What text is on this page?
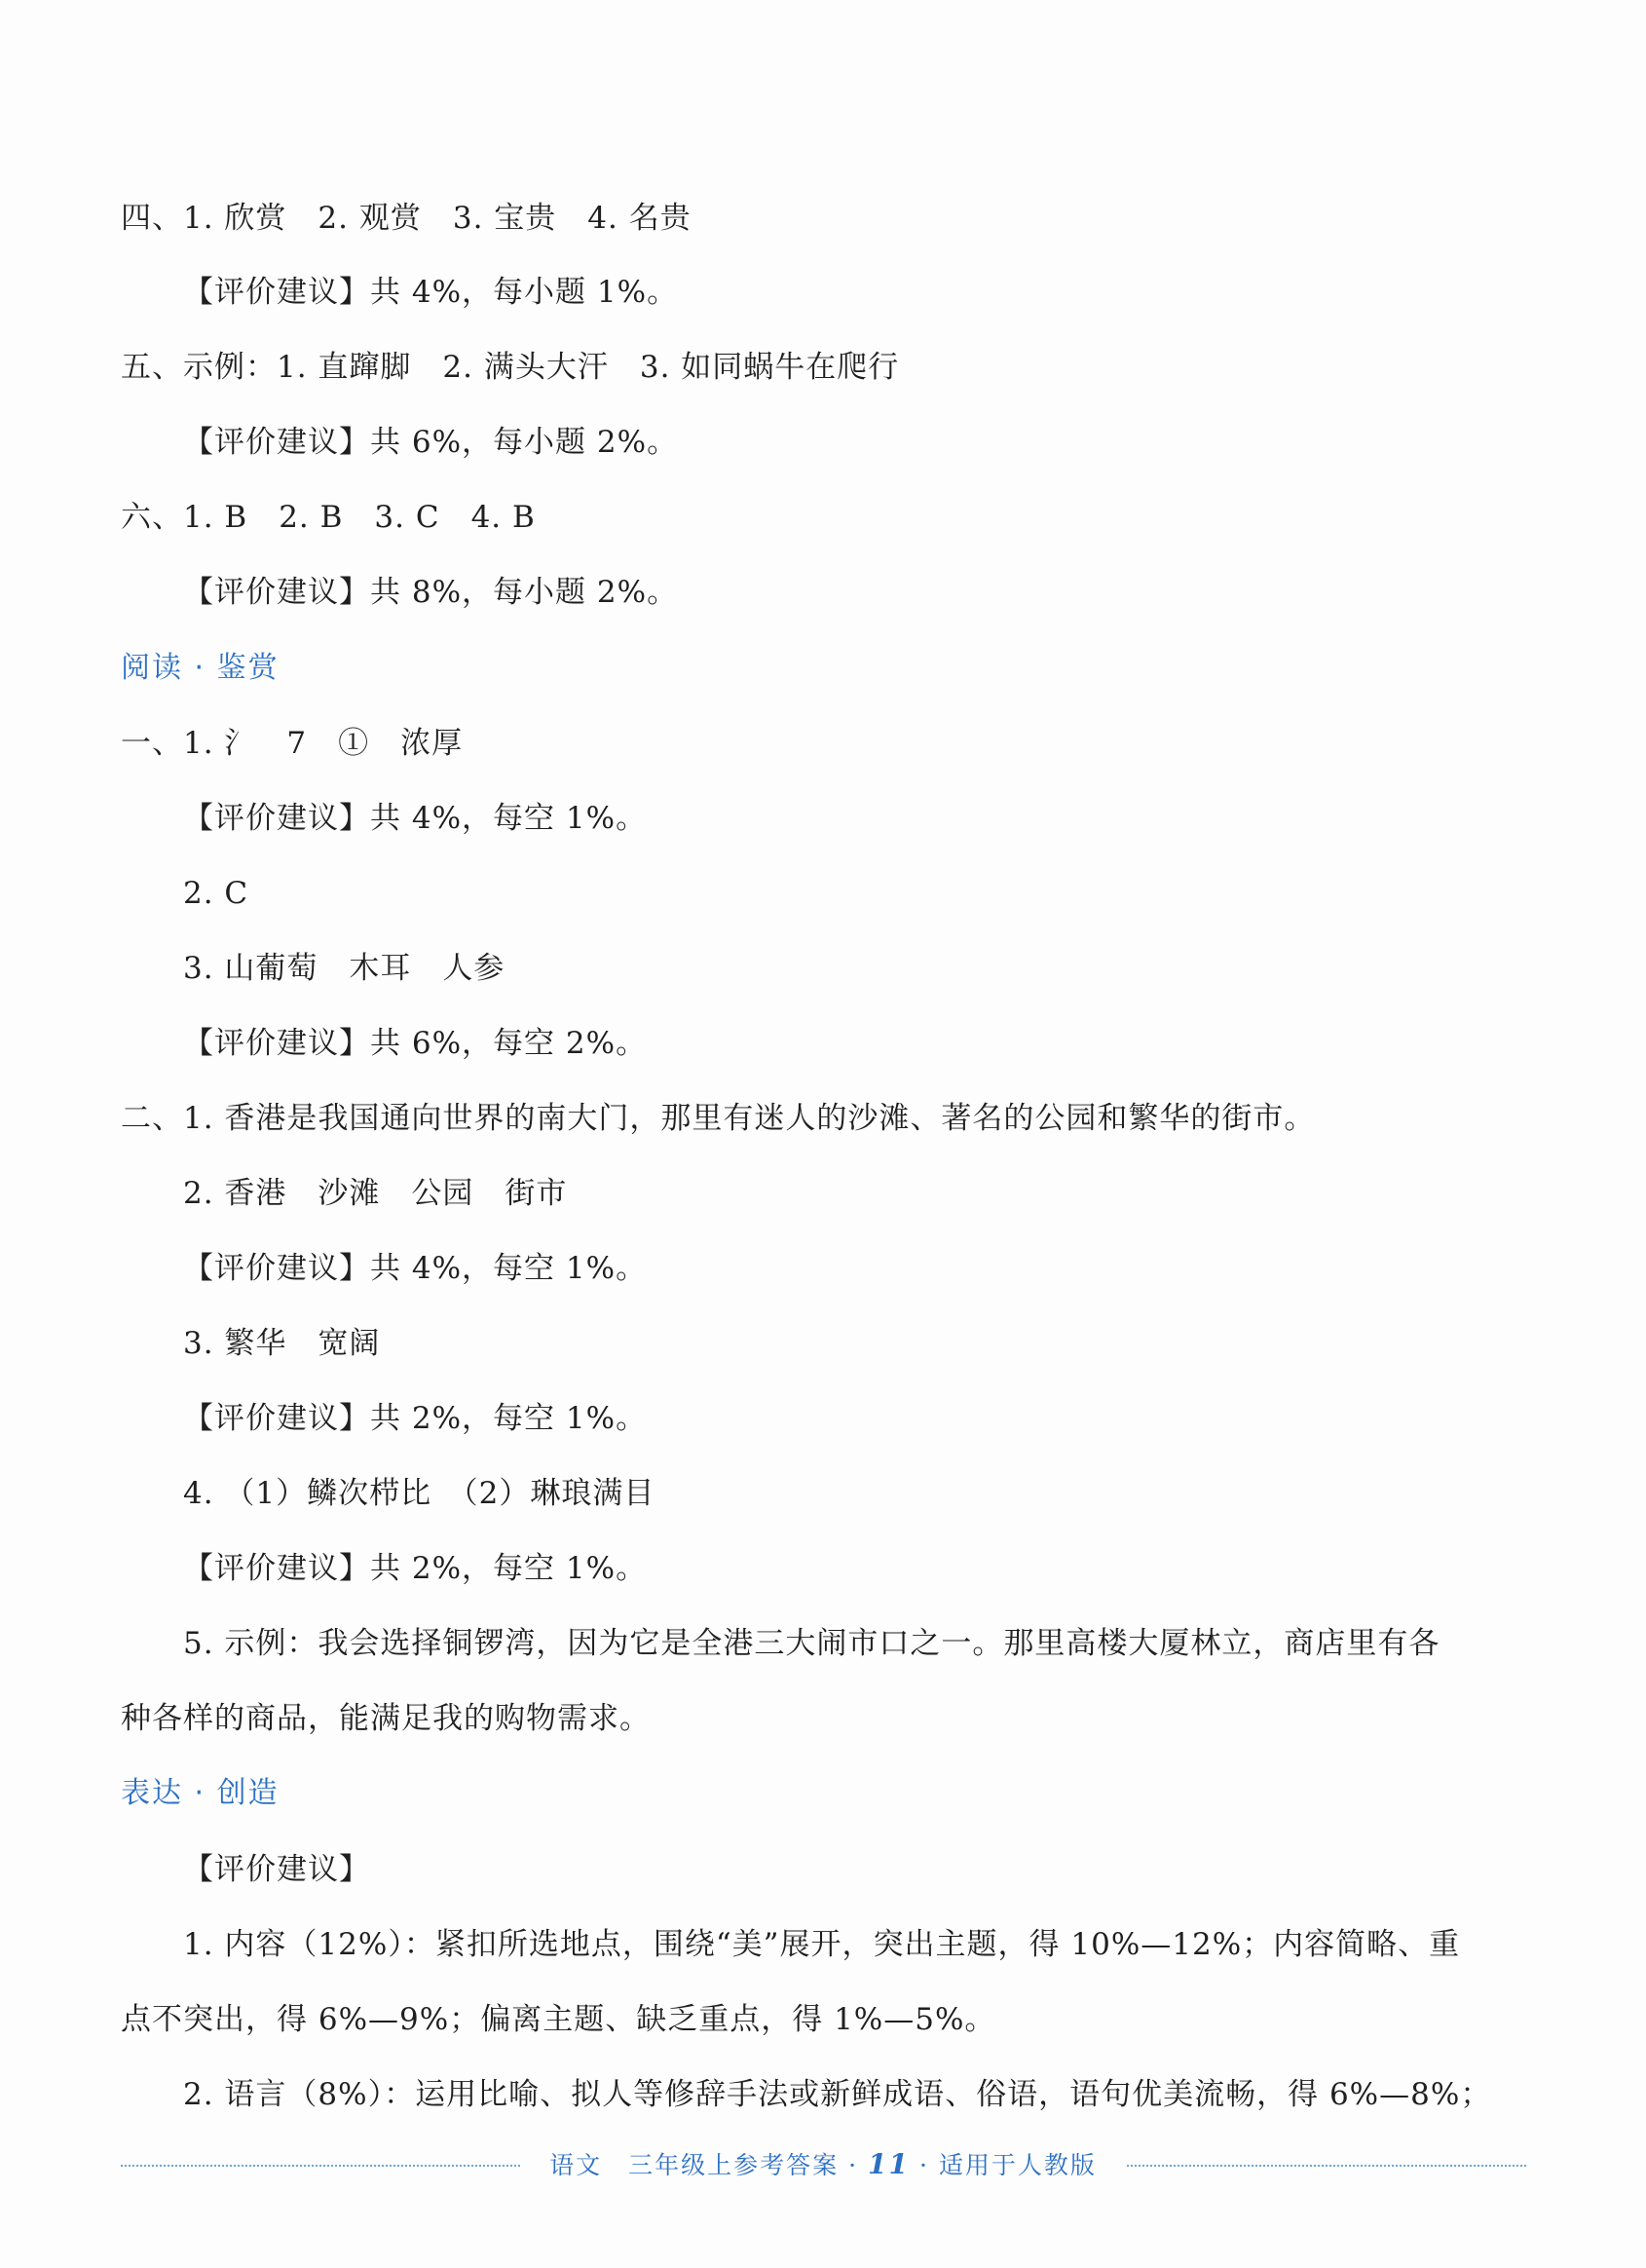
四、1. 欣赏　2. 观赏　3. 宝贵　4. 名贵
【评价建议】共 4%，每小题 1%。
五、示例：1. 直蹿脚　2. 满头大汗　3. 如同蜗牛在爬行
【评价建议】共 6%，每小题 2%。
六、1. B　2. B　3. C　4. B
【评价建议】共 8%，每小题 2%。
阅读 · 鉴赏
一、1. 氵　7　①　浓厚
【评价建议】共 4%，每空 1%。
2. C
3. 山葡萄　木耳　人参
【评价建议】共 6%，每空 2%。
二、1. 香港是我国通向世界的南大门，那里有迷人的沙滩、著名的公园和繁华的街市。
2. 香港　沙滩　公园　街市
【评价建议】共 4%，每空 1%。
3. 繁华　宽阔
【评价建议】共 2%，每空 1%。
4. （1）鳞次栉比　（2）琳琅满目
【评价建议】共 2%，每空 1%。
5. 示例：我会选择铜锣湾，因为它是全港三大闹市口之一。那里高楼大厦林立，商店里有各
种各样的商品，能满足我的购物需求。
表达 · 创造
【评价建议】
1. 内容（12%）：紧扣所选地点，围绕“美”展开，突出主题，得 10%—12%；内容简略、重
点不突出，得 6%—9%；偏离主题、缺乏重点，得 1%—5%。
2. 语言（8%）：运用比喻、拟人等修辞手法或新鲜成语、俗语，语句优美流畅，得 6%—8%；
语文　三年级上参考答案 · 11 · 适用于人教版
